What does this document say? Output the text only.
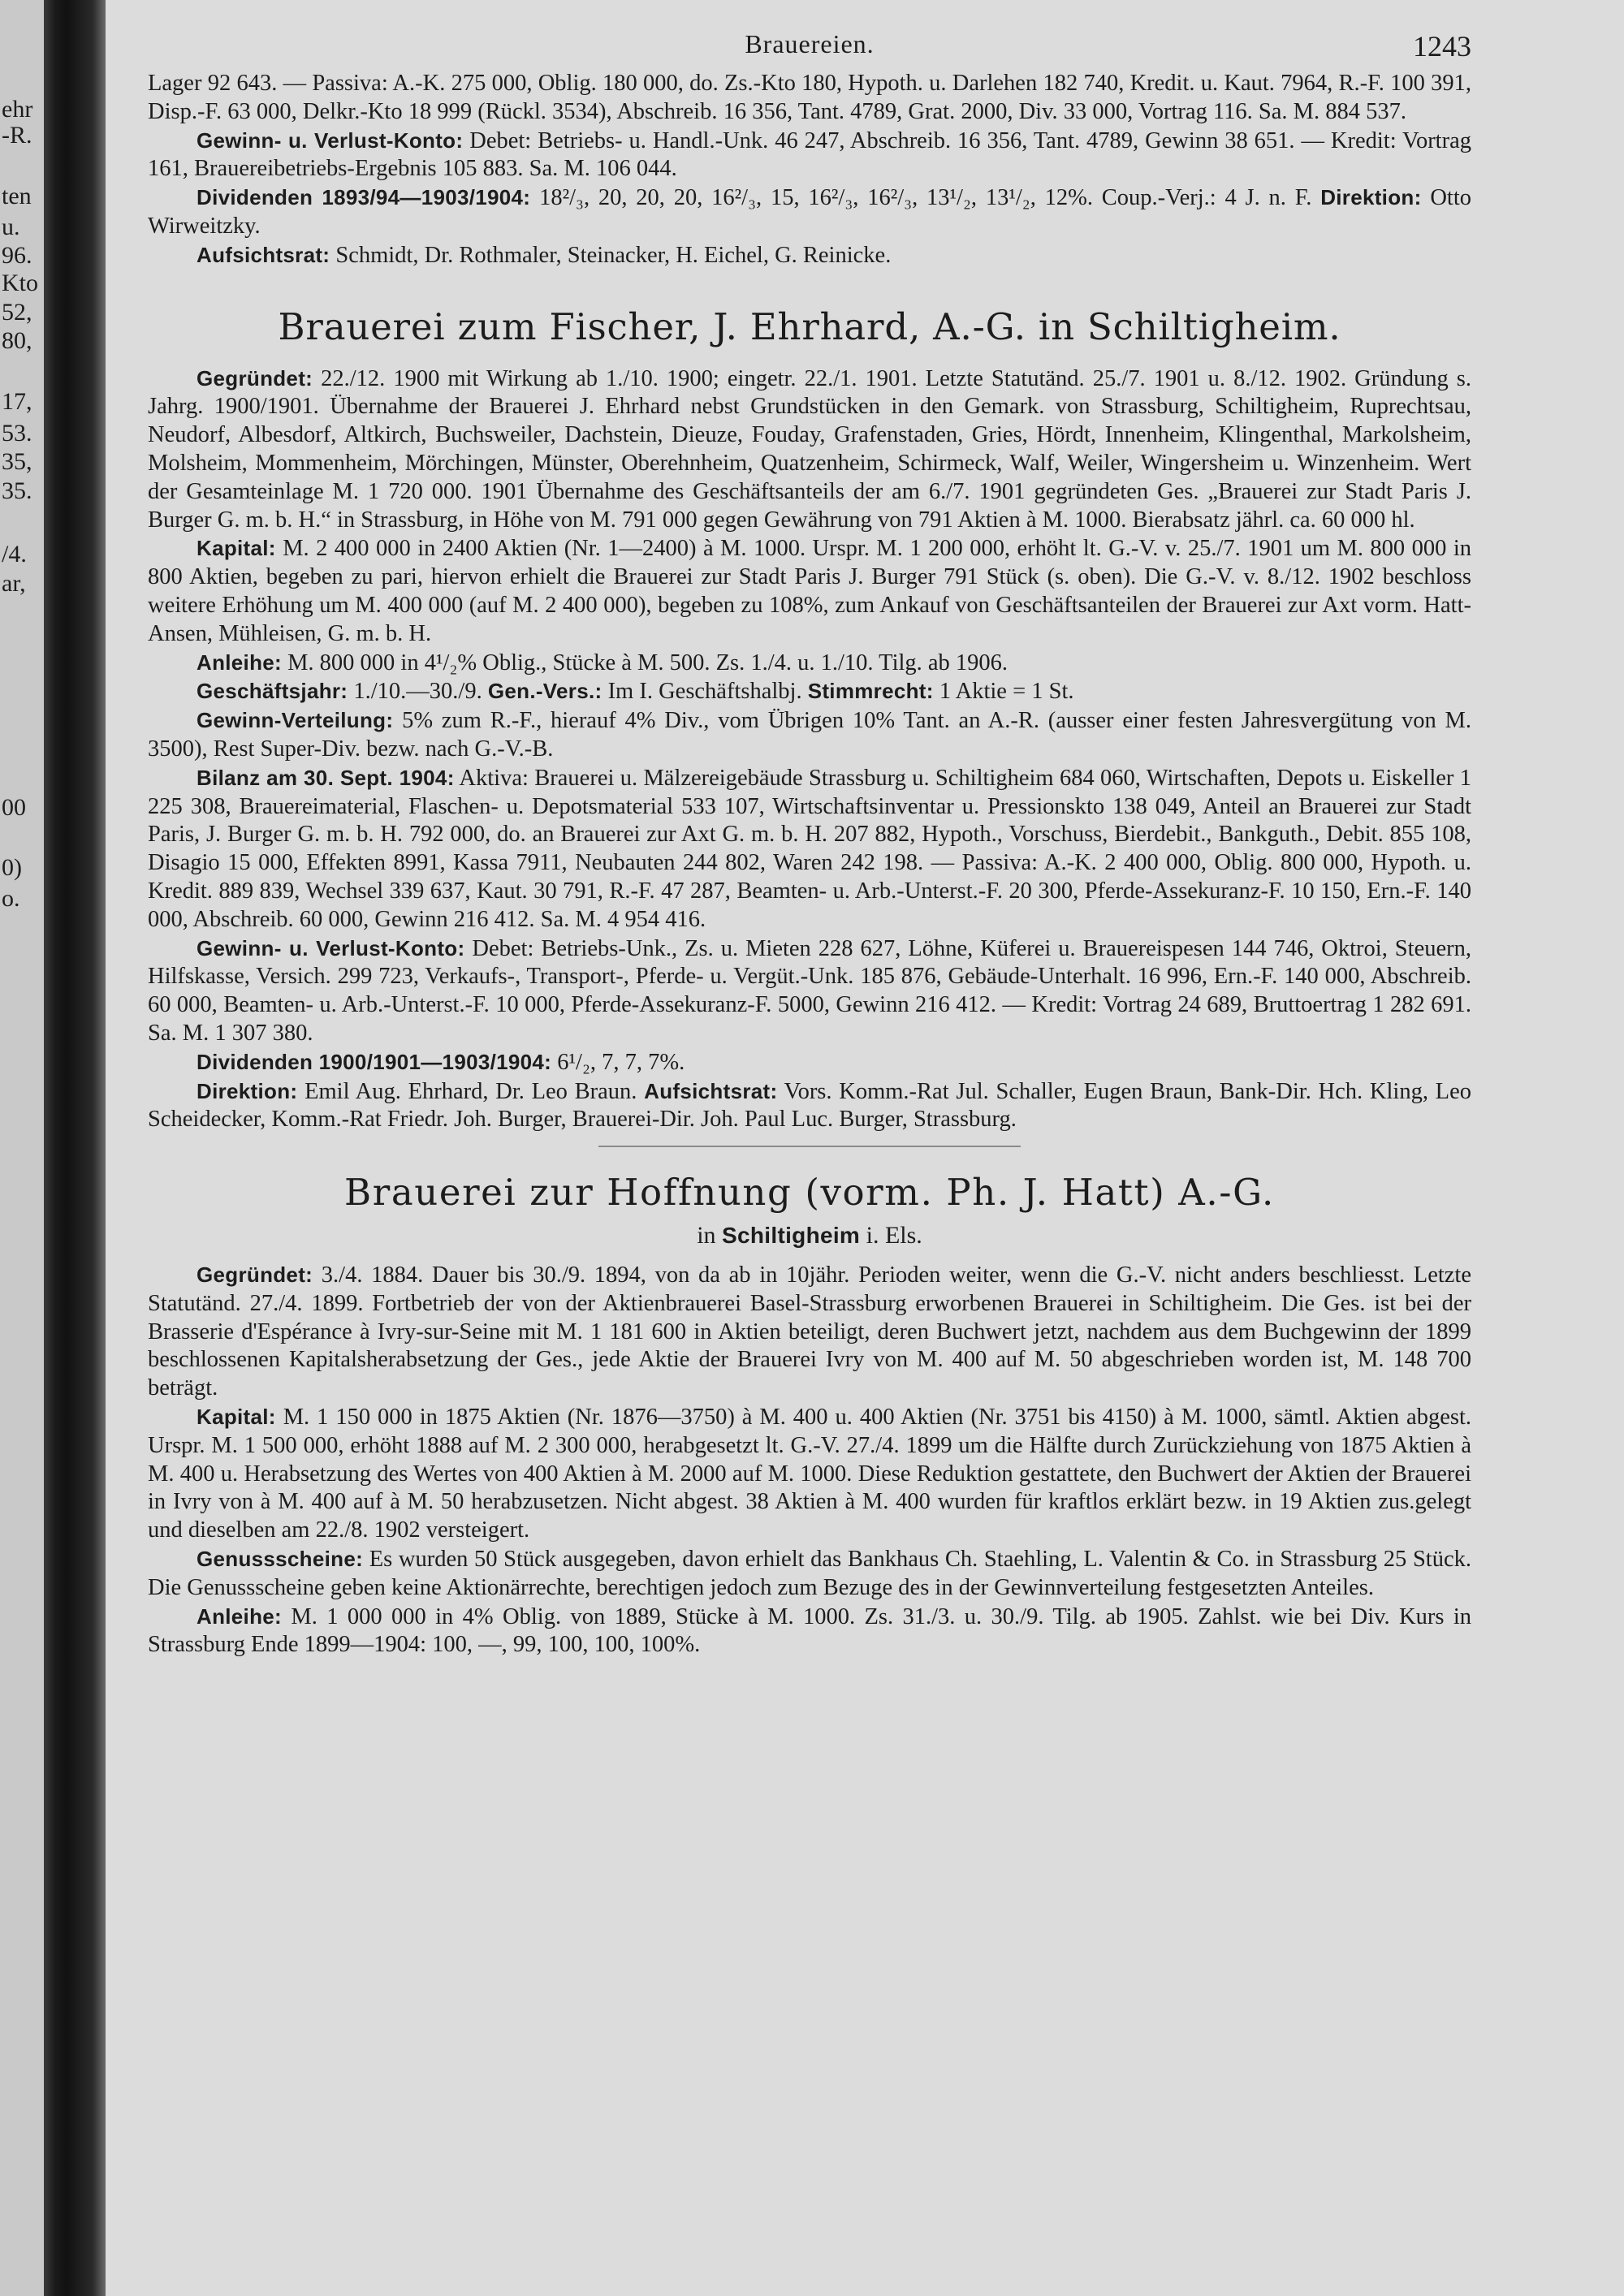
ehr
-R.
ten
u.
96.
Kto
52,
80,
17,
53.
35,
35.
/4.
ar,
00
0)
o.
Brauereien.	1243

Lager 92 643. — Passiva: A.-K. 275 000, Oblig. 180 000, do. Zs.-Kto 180, Hypoth. u. Darlehen 182 740, Kredit. u. Kaut. 7964, R.-F. 100 391, Disp.-F. 63 000, Delkr.-Kto 18 999 (Rückl. 3534), Abschreib. 16 356, Tant. 4789, Grat. 2000, Div. 33 000, Vortrag 116. Sa. M. 884 537.

Gewinn- u. Verlust-Konto: Debet: Betriebs- u. Handl.-Unk. 46 247, Abschreib. 16 356, Tant. 4789, Gewinn 38 651. — Kredit: Vortrag 161, Brauereibetriebs-Ergebnis 105 883. Sa. M. 106 044.

Dividenden 1893/94—1903/1904: 18²/₃, 20, 20, 20, 16²/₃, 15, 16²/₃, 16²/₃, 13¹/₂, 13¹/₂, 12%. Coup.-Verj.: 4 J. n. F. Direktion: Otto Wirweitzky.

Aufsichtsrat: Schmidt, Dr. Rothmaler, Steinacker, H. Eichel, G. Reinicke.

Brauerei zum Fischer, J. Ehrhard, A.-G. in Schiltigheim.

Gegründet: 22./12. 1900 mit Wirkung ab 1./10. 1900; eingetr. 22./1. 1901. Letzte Statutänd. 25./7. 1901 u. 8./12. 1902. Gründung s. Jahrg. 1900/1901. Übernahme der Brauerei J. Ehrhard nebst Grundstücken in den Gemark. von Strassburg, Schiltigheim, Ruprechtsau, Neudorf, Albesdorf, Altkirch, Buchsweiler, Dachstein, Dieuze, Fouday, Grafenstaden, Gries, Hördt, Innenheim, Klingenthal, Markolsheim, Molsheim, Mommenheim, Mörchingen, Münster, Oberehnheim, Quatzenheim, Schirmeck, Walf, Weiler, Wingersheim u. Winzenheim. Wert der Gesamteinlage M. 1 720 000. 1901 Übernahme des Geschäftsanteils der am 6./7. 1901 gegründeten Ges. „Brauerei zur Stadt Paris J. Burger G. m. b. H.“ in Strassburg, in Höhe von M. 791 000 gegen Gewährung von 791 Aktien à M. 1000. Bierabsatz jährl. ca. 60 000 hl.

Kapital: M. 2 400 000 in 2400 Aktien (Nr. 1—2400) à M. 1000. Urspr. M. 1 200 000, erhöht lt. G.-V. v. 25./7. 1901 um M. 800 000 in 800 Aktien, begeben zu pari, hiervon erhielt die Brauerei zur Stadt Paris J. Burger 791 Stück (s. oben). Die G.-V. v. 8./12. 1902 beschloss weitere Erhöhung um M. 400 000 (auf M. 2 400 000), begeben zu 108%, zum Ankauf von Geschäftsanteilen der Brauerei zur Axt vorm. Hatt-Ansen, Mühleisen, G. m. b. H.

Anleihe: M. 800 000 in 4¹/₂% Oblig., Stücke à M. 500. Zs. 1./4. u. 1./10. Tilg. ab 1906.

Geschäftsjahr: 1./10.—30./9. Gen.-Vers.: Im I. Geschäftshalbj. Stimmrecht: 1 Aktie = 1 St.

Gewinn-Verteilung: 5% zum R.-F., hierauf 4% Div., vom Übrigen 10% Tant. an A.-R. (ausser einer festen Jahresvergütung von M. 3500), Rest Super-Div. bezw. nach G.-V.-B.

Bilanz am 30. Sept. 1904: Aktiva: Brauerei u. Mälzereigebäude Strassburg u. Schiltigheim 684 060, Wirtschaften, Depots u. Eiskeller 1 225 308, Brauereimaterial, Flaschen- u. Depotsmaterial 533 107, Wirtschaftsinventar u. Pressionskto 138 049, Anteil an Brauerei zur Stadt Paris, J. Burger G. m. b. H. 792 000, do. an Brauerei zur Axt G. m. b. H. 207 882, Hypoth., Vorschuss, Bierdebit., Bankguth., Debit. 855 108, Disagio 15 000, Effekten 8991, Kassa 7911, Neubauten 244 802, Waren 242 198. — Passiva: A.-K. 2 400 000, Oblig. 800 000, Hypoth. u. Kredit. 889 839, Wechsel 339 637, Kaut. 30 791, R.-F. 47 287, Beamten- u. Arb.-Unterst.-F. 20 300, Pferde-Assekuranz-F. 10 150, Ern.-F. 140 000, Abschreib. 60 000, Gewinn 216 412. Sa. M. 4 954 416.

Gewinn- u. Verlust-Konto: Debet: Betriebs-Unk., Zs. u. Mieten 228 627, Löhne, Küferei u. Brauereispesen 144 746, Oktroi, Steuern, Hilfskasse, Versich. 299 723, Verkaufs-, Transport-, Pferde- u. Vergüt.-Unk. 185 876, Gebäude-Unterhalt. 16 996, Ern.-F. 140 000, Abschreib. 60 000, Beamten- u. Arb.-Unterst.-F. 10 000, Pferde-Assekuranz-F. 5000, Gewinn 216 412. — Kredit: Vortrag 24 689, Bruttoertrag 1 282 691. Sa. M. 1 307 380.

Dividenden 1900/1901—1903/1904: 6¹/₂, 7, 7, 7%.

Direktion: Emil Aug. Ehrhard, Dr. Leo Braun. Aufsichtsrat: Vors. Komm.-Rat Jul. Schaller, Eugen Braun, Bank-Dir. Hch. Kling, Leo Scheidecker, Komm.-Rat Friedr. Joh. Burger, Brauerei-Dir. Joh. Paul Luc. Burger, Strassburg.

Brauerei zur Hoffnung (vorm. Ph. J. Hatt) A.-G.
in Schiltigheim i. Els.

Gegründet: 3./4. 1884. Dauer bis 30./9. 1894, von da ab in 10jähr. Perioden weiter, wenn die G.-V. nicht anders beschliesst. Letzte Statutänd. 27./4. 1899. Fortbetrieb der von der Aktienbrauerei Basel-Strassburg erworbenen Brauerei in Schiltigheim. Die Ges. ist bei der Brasserie d'Espérance à Ivry-sur-Seine mit M. 1 181 600 in Aktien beteiligt, deren Buchwert jetzt, nachdem aus dem Buchgewinn der 1899 beschlossenen Kapitalsherabsetzung der Ges., jede Aktie der Brauerei Ivry von M. 400 auf M. 50 abgeschrieben worden ist, M. 148 700 beträgt.

Kapital: M. 1 150 000 in 1875 Aktien (Nr. 1876—3750) à M. 400 u. 400 Aktien (Nr. 3751 bis 4150) à M. 1000, sämtl. Aktien abgest. Urspr. M. 1 500 000, erhöht 1888 auf M. 2 300 000, herabgesetzt lt. G.-V. 27./4. 1899 um die Hälfte durch Zurückziehung von 1875 Aktien à M. 400 u. Herabsetzung des Wertes von 400 Aktien à M. 2000 auf M. 1000. Diese Reduktion gestattete, den Buchwert der Aktien der Brauerei in Ivry von à M. 400 auf à M. 50 herabzusetzen. Nicht abgest. 38 Aktien à M. 400 wurden für kraftlos erklärt bezw. in 19 Aktien zus.gelegt und dieselben am 22./8. 1902 versteigert.

Genussscheine: Es wurden 50 Stück ausgegeben, davon erhielt das Bankhaus Ch. Staehling, L. Valentin & Co. in Strassburg 25 Stück. Die Genussscheine geben keine Aktionärrechte, berechtigen jedoch zum Bezuge des in der Gewinnverteilung festgesetzten Anteiles.

Anleihe: M. 1 000 000 in 4% Oblig. von 1889, Stücke à M. 1000. Zs. 31./3. u. 30./9. Tilg. ab 1905. Zahlst. wie bei Div. Kurs in Strassburg Ende 1899—1904: 100, —, 99, 100, 100, 100%.
